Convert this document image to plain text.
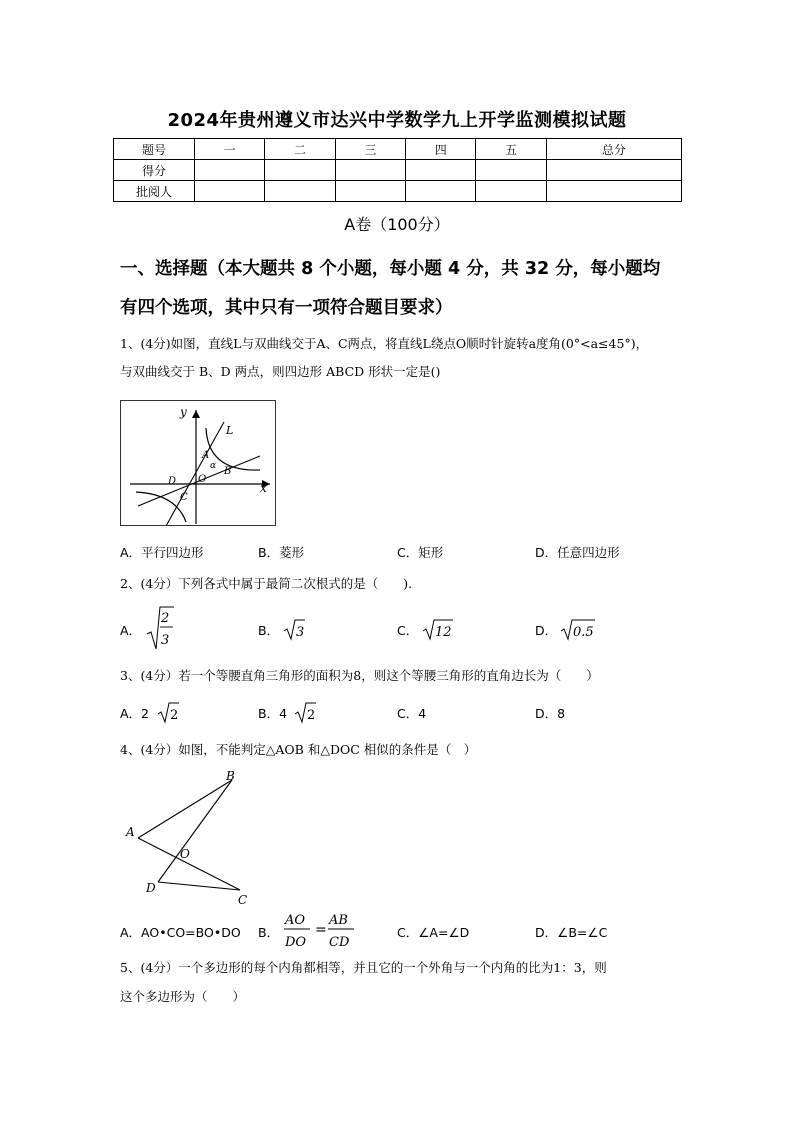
2024年贵州遵义市达兴中学数学九上开学监测模拟试题
题号	一	二	三	四	五	总分
得分						
批阅人						
A卷（100分）
一、选择题（本大题共 8 个小题，每小题 4 分，共 32 分，每小题均
有四个选项，其中只有一项符合题目要求）
1、(4分)如图，直线L与双曲线交于A、C两点，将直线L绕点O顺时针旋转a度角(0°<a≤45°)，
与双曲线交于 B、D 两点，则四边形 ABCD 形状一定是()
y
x
L
A
α B
O
D
C
A．平行四边形	B．菱形	C．矩形	D．任意四边形
2、(4分）下列各式中属于最简二次根式的是（　　).
A．
2
3
B． 3	C． 12	D． 0.5
3、(4分）若一个等腰直角三角形的面积为8，则这个等腰三角形的直角边长为（　　）
A．2 2	B．4 2	C．4	D．8
4、(4分）如图，不能判定△AOB 和△DOC 相似的条件是（　）
B
A
O
D
C
A．AO•CO=BO•DO B．
AO
DO
=
AB
CD
C．∠A=∠D	D．∠B=∠C
5、(4分）一个多边形的每个内角都相等，并且它的一个外角与一个内角的比为1：3，则
这个多边形为（　　）
